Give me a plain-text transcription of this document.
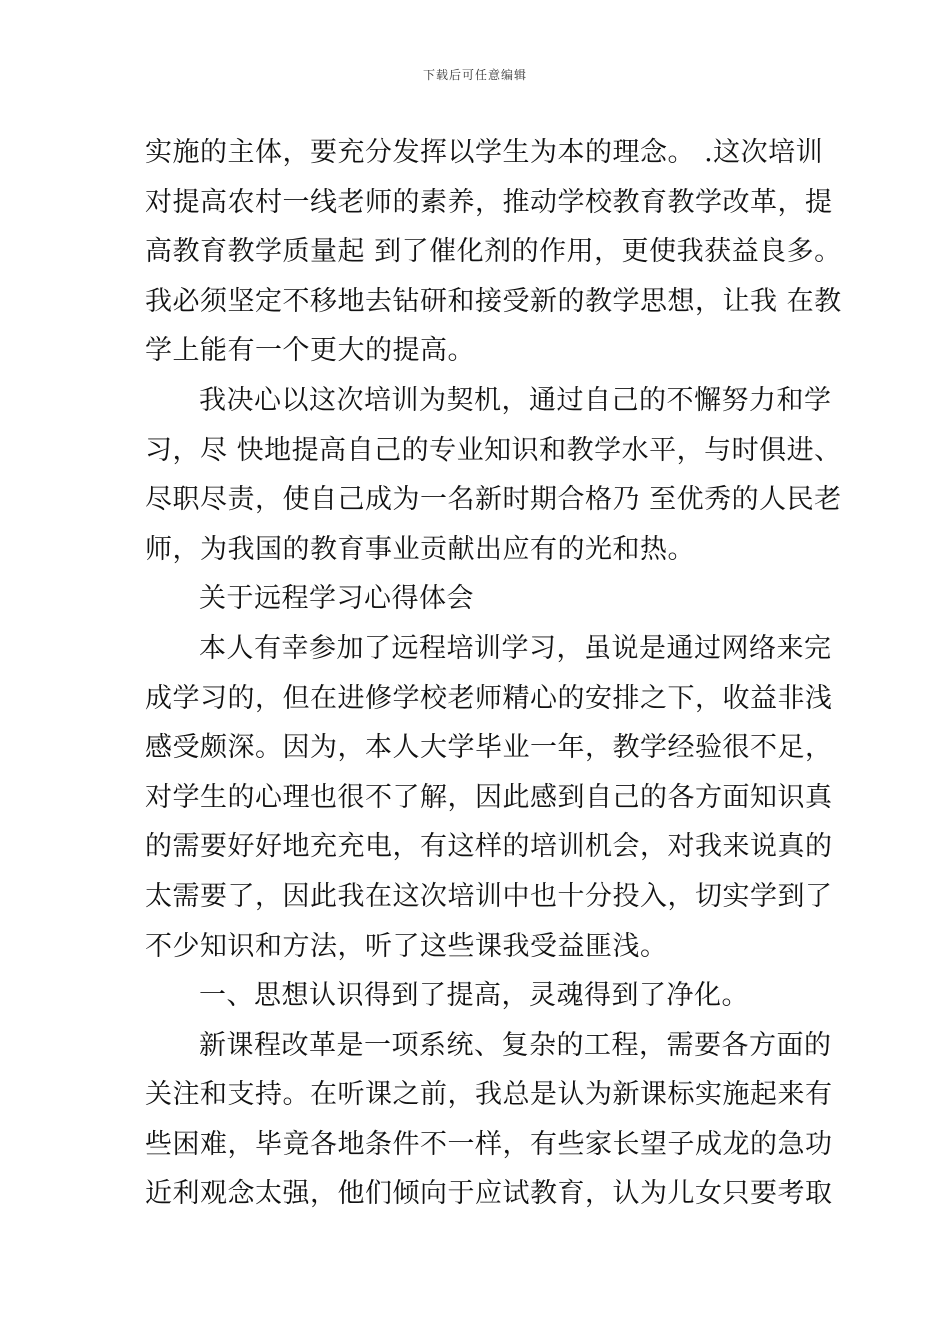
下载后可任意编辑
实施的主体，要充分发挥以学生为本的理念。 .这次培训
对提高农村一线老师的素养，推动学校教育教学改革，提
高教育教学质量起 到了催化剂的作用，更使我获益良多。
我必须坚定不移地去钻研和接受新的教学思想，让我 在教
学上能有一个更大的提高。
我决心以这次培训为契机，通过自己的不懈努力和学
习，尽 快地提高自己的专业知识和教学水平，与时俱进、
尽职尽责，使自己成为一名新时期合格乃 至优秀的人民老
师，为我国的教育事业贡献出应有的光和热。
关于远程学习心得体会
本人有幸参加了远程培训学习，虽说是通过网络来完
成学习的，但在进修学校老师精心的安排之下，收益非浅
感受颇深。因为，本人大学毕业一年，教学经验很不足，
对学生的心理也很不了解，因此感到自己的各方面知识真
的需要好好地充充电，有这样的培训机会，对我来说真的
太需要了，因此我在这次培训中也十分投入，切实学到了
不少知识和方法，听了这些课我受益匪浅。
一、思想认识得到了提高，灵魂得到了净化。
新课程改革是一项系统、复杂的工程，需要各方面的
关注和支持。在听课之前，我总是认为新课标实施起来有
些困难，毕竟各地条件不一样，有些家长望子成龙的急功
近利观念太强，他们倾向于应试教育，认为儿女只要考取
